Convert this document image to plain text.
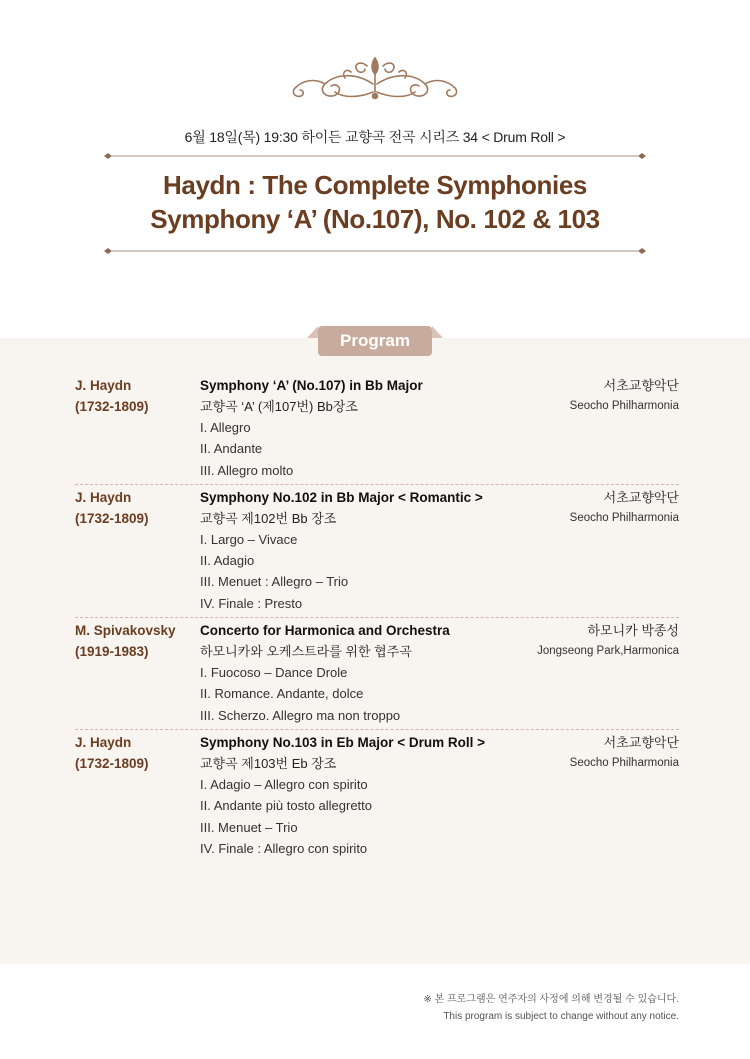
6월 18일(목) 19:30 하이든 교향곡 전곡 시리즈 34 < Drum Roll >
Haydn : The Complete Symphonies
Symphony ‘A’ (No.107), No. 102 & 103
Program
J. Haydn
(1732-1809)
Symphony ‘A’ (No.107) in Bb Major
교향곡 ‘A’ (제107번) Bb장조
I. Allegro
II. Andante
III. Allegro molto
서초교향악단
Seocho Philharmonia
J. Haydn
(1732-1809)
Symphony No.102 in Bb Major < Romantic >
교향곡 제102번 Bb 장조
I. Largo – Vivace
II. Adagio
III. Menuet : Allegro – Trio
IV. Finale : Presto
서초교향악단
Seocho Philharmonia
M. Spivakovsky
(1919-1983)
Concerto for Harmonica and Orchestra
하모니카와 오케스트라를 위한 협주곡
I. Fuocoso – Dance Drole
II. Romance. Andante, dolce
III. Scherzo. Allegro ma non troppo
하모니카 박종성
Jongseong Park,Harmonica
J. Haydn
(1732-1809)
Symphony No.103 in Eb Major < Drum Roll >
교향곡 제103번 Eb 장조
I. Adagio – Allegro con spirito
II. Andante più tosto allegretto
III. Menuet – Trio
IV. Finale : Allegro con spirito
서초교향악단
Seocho Philharmonia
※ 본 프로그램은 연주자의 사정에 의해 변경될 수 있습니다.
This program is subject to change without any notice.
